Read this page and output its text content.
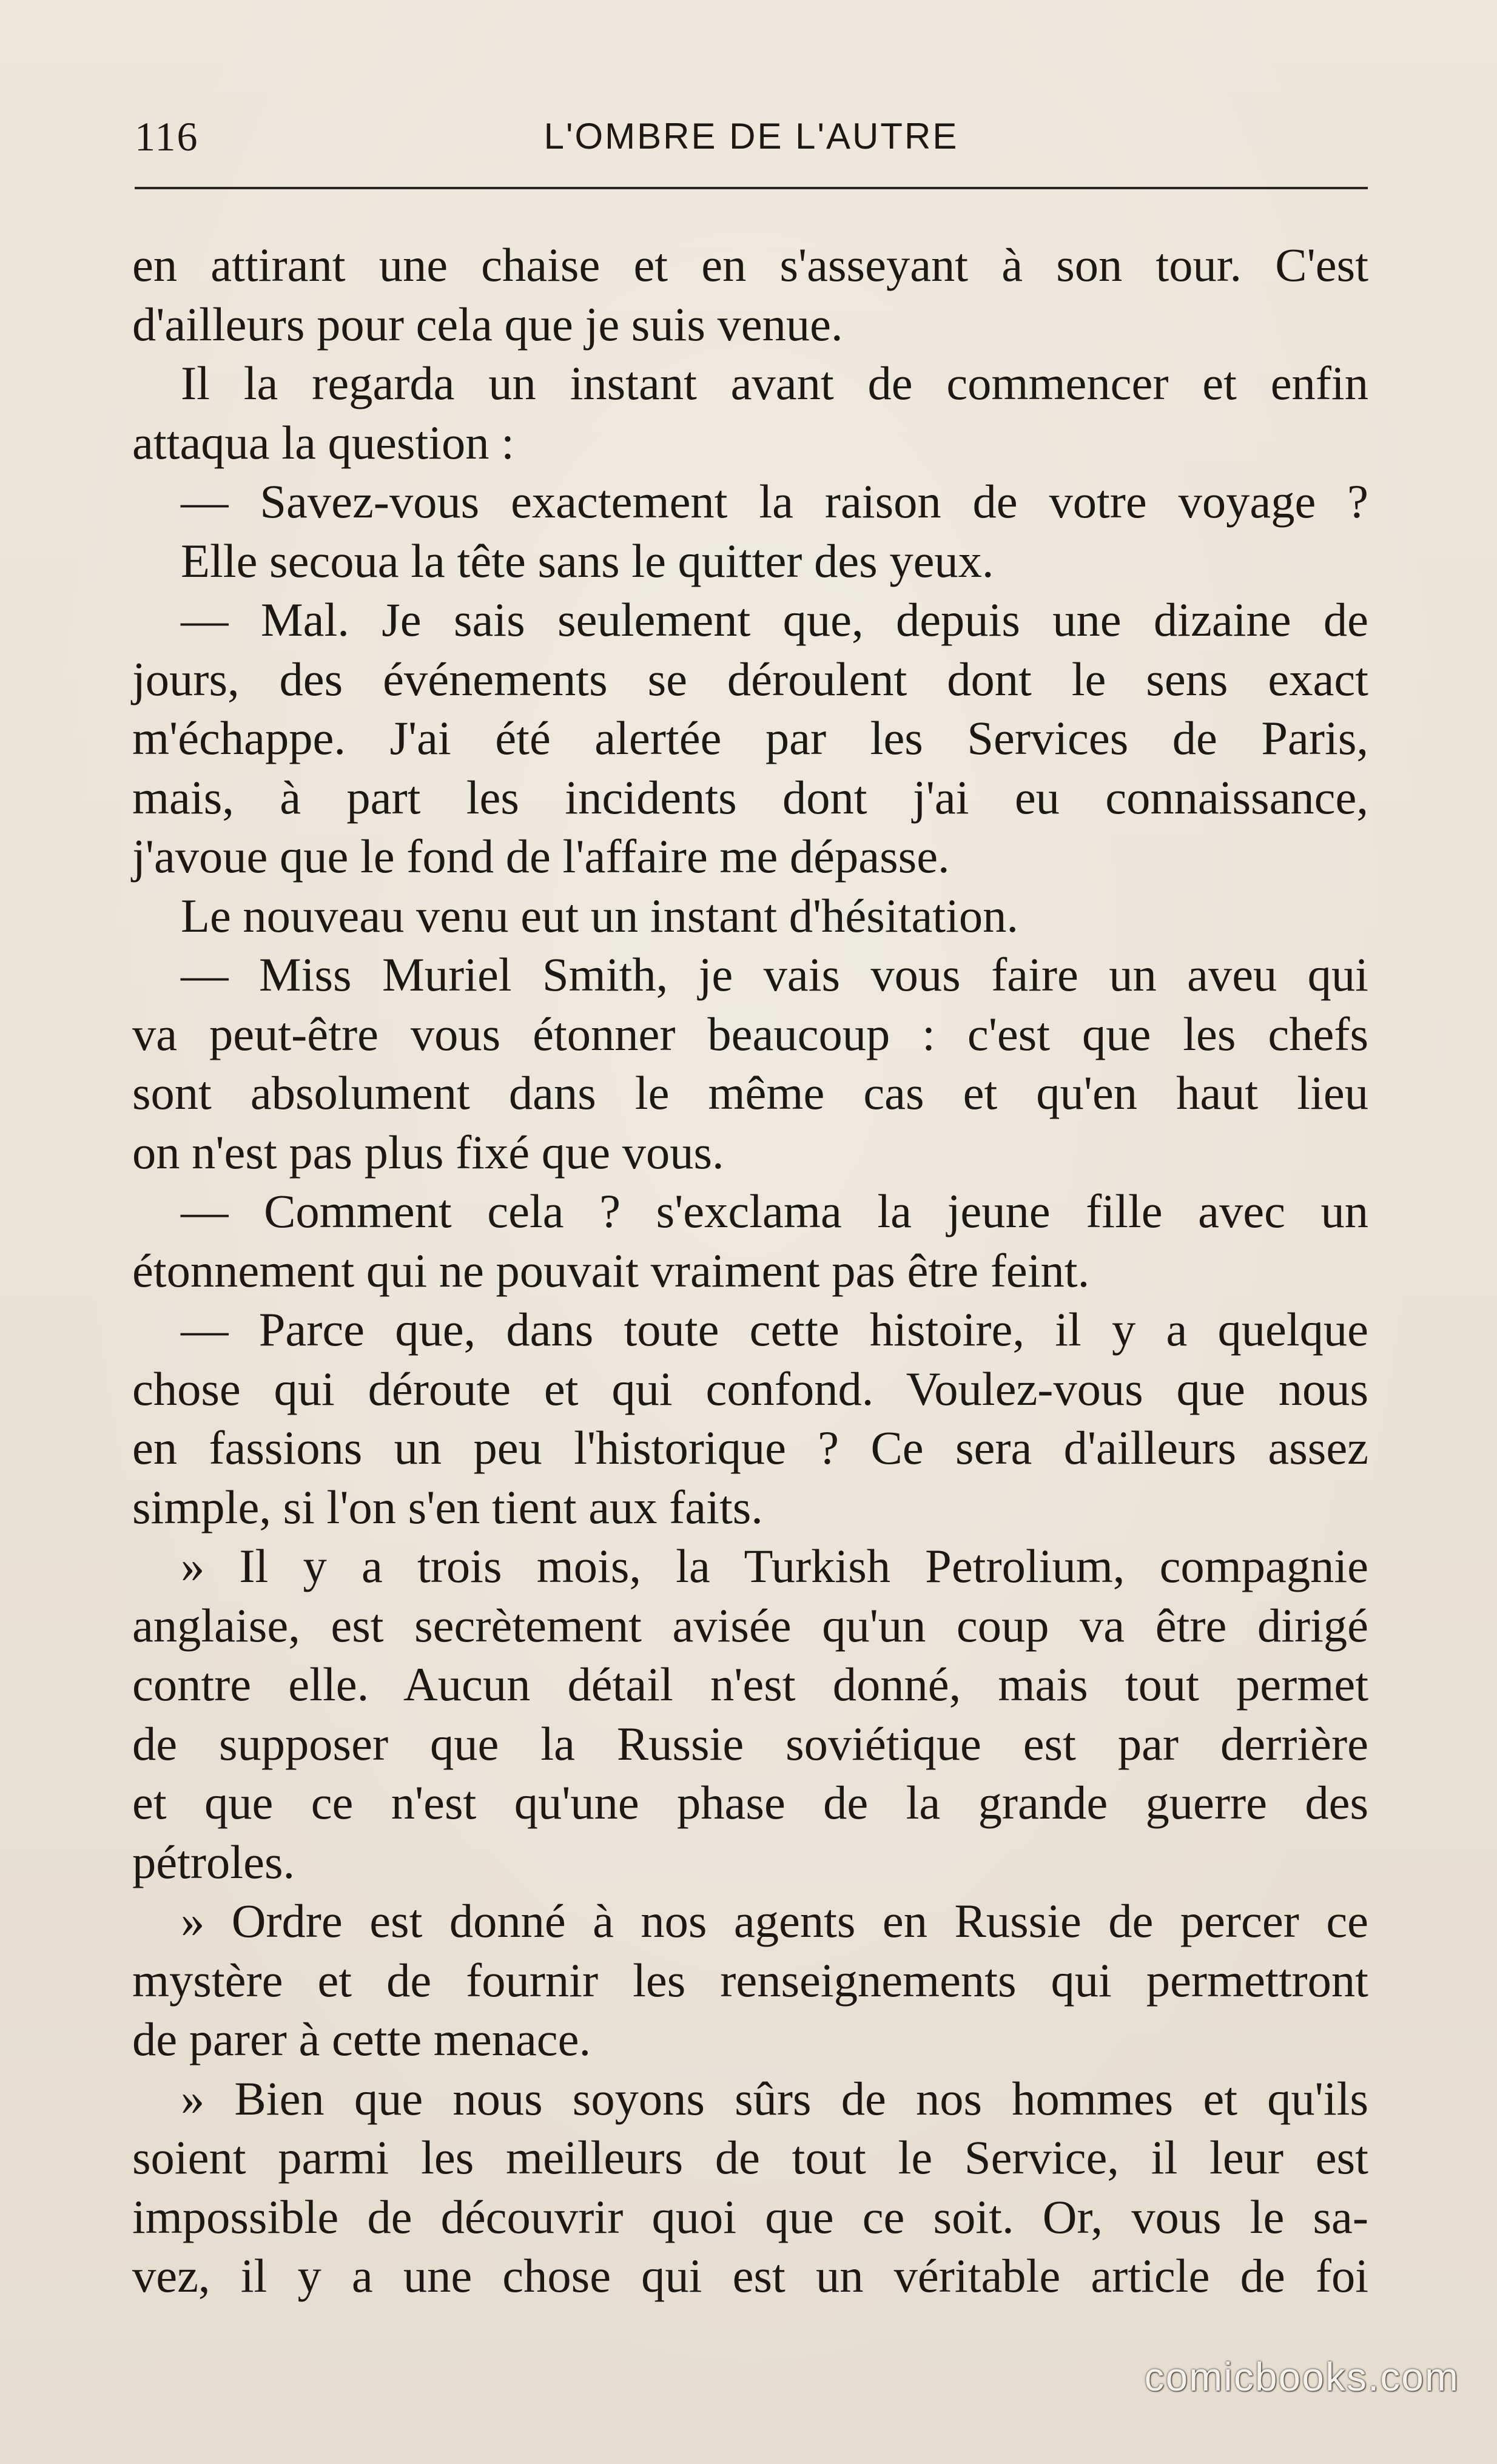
116	L'OMBRE DE L'AUTRE
en attirant une chaise et en s'asseyant à son tour. C'est
d'ailleurs pour cela que je suis venue.
Il la regarda un instant avant de commencer et enfin
attaqua la question :
— Savez-vous exactement la raison de votre voyage ?
Elle secoua la tête sans le quitter des yeux.
— Mal. Je sais seulement que, depuis une dizaine de
jours, des événements se déroulent dont le sens exact
m'échappe. J'ai été alertée par les Services de Paris,
mais, à part les incidents dont j'ai eu connaissance,
j'avoue que le fond de l'affaire me dépasse.
Le nouveau venu eut un instant d'hésitation.
— Miss Muriel Smith, je vais vous faire un aveu qui
va peut-être vous étonner beaucoup : c'est que les chefs
sont absolument dans le même cas et qu'en haut lieu
on n'est pas plus fixé que vous.
— Comment cela ? s'exclama la jeune fille avec un
étonnement qui ne pouvait vraiment pas être feint.
— Parce que, dans toute cette histoire, il y a quelque
chose qui déroute et qui confond. Voulez-vous que nous
en fassions un peu l'historique ? Ce sera d'ailleurs assez
simple, si l'on s'en tient aux faits.
» Il y a trois mois, la Turkish Petrolium, compagnie
anglaise, est secrètement avisée qu'un coup va être dirigé
contre elle. Aucun détail n'est donné, mais tout permet
de supposer que la Russie soviétique est par derrière
et que ce n'est qu'une phase de la grande guerre des
pétroles.
» Ordre est donné à nos agents en Russie de percer ce
mystère et de fournir les renseignements qui permettront
de parer à cette menace.
» Bien que nous soyons sûrs de nos hommes et qu'ils
soient parmi les meilleurs de tout le Service, il leur est
impossible de découvrir quoi que ce soit. Or, vous le sa-
vez, il y a une chose qui est un véritable article de foi
comicbooks.com
